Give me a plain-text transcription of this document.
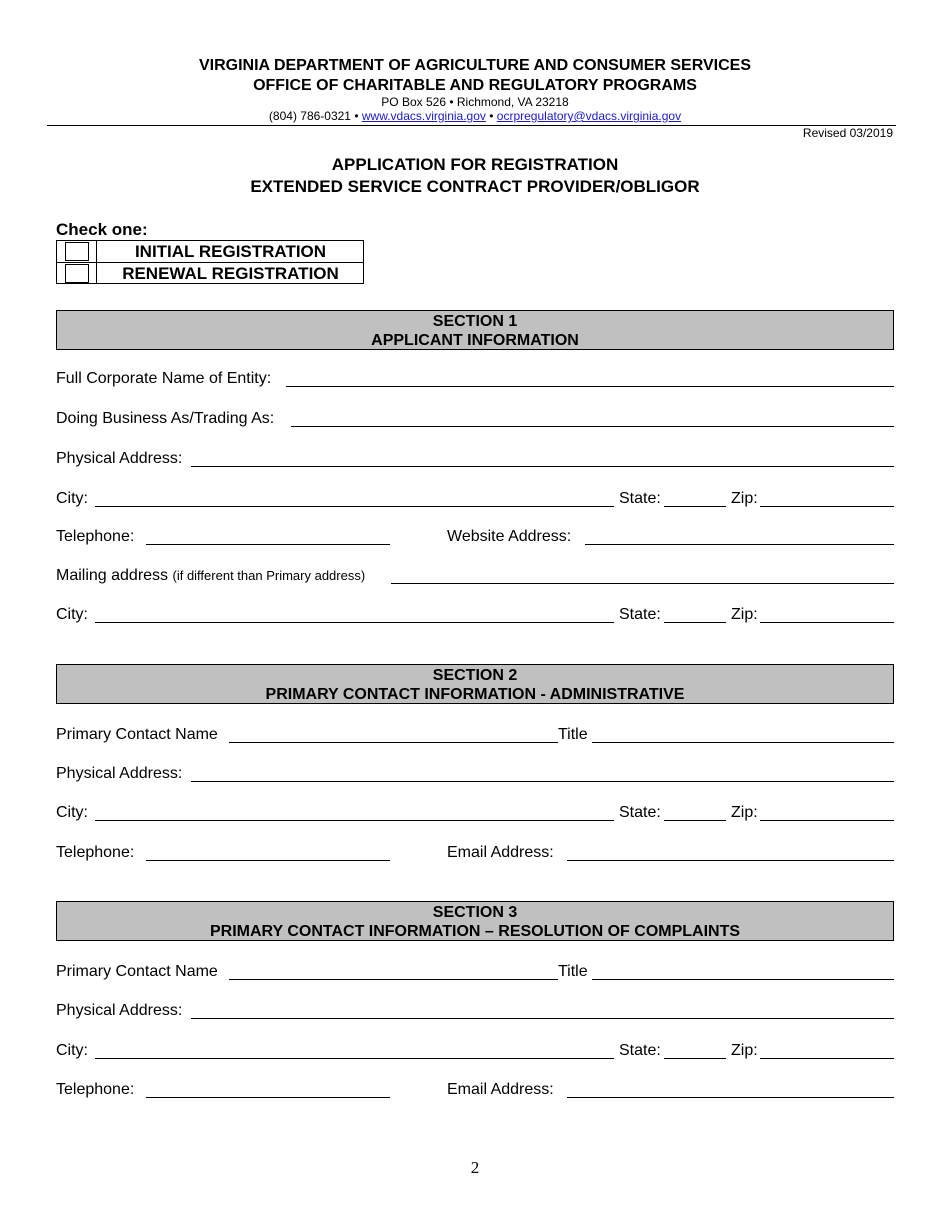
VIRGINIA DEPARTMENT OF AGRICULTURE AND CONSUMER SERVICES
OFFICE OF CHARITABLE AND REGULATORY PROGRAMS
PO Box 526 • Richmond, VA 23218
(804) 786-0321 • www.vdacs.virginia.gov • ocrpregulatory@vdacs.virginia.gov
Revised 03/2019
APPLICATION FOR REGISTRATION
EXTENDED SERVICE CONTRACT PROVIDER/OBLIGOR
Check one:
INITIAL REGISTRATION
RENEWAL REGISTRATION
SECTION 1
APPLICANT INFORMATION
Full Corporate Name of Entity:
Doing Business As/Trading As:
Physical Address:
City:	State:	Zip:
Telephone:	Website Address:
Mailing address (if different than Primary address)
City:	State:	Zip:
SECTION 2
PRIMARY CONTACT INFORMATION - ADMINISTRATIVE
Primary Contact Name	Title
Physical Address:
City:	State:	Zip:
Telephone:	Email Address:
SECTION 3
PRIMARY CONTACT INFORMATION – RESOLUTION OF COMPLAINTS
Primary Contact Name	Title
Physical Address:
City:	State:	Zip:
Telephone:	Email Address:
2
